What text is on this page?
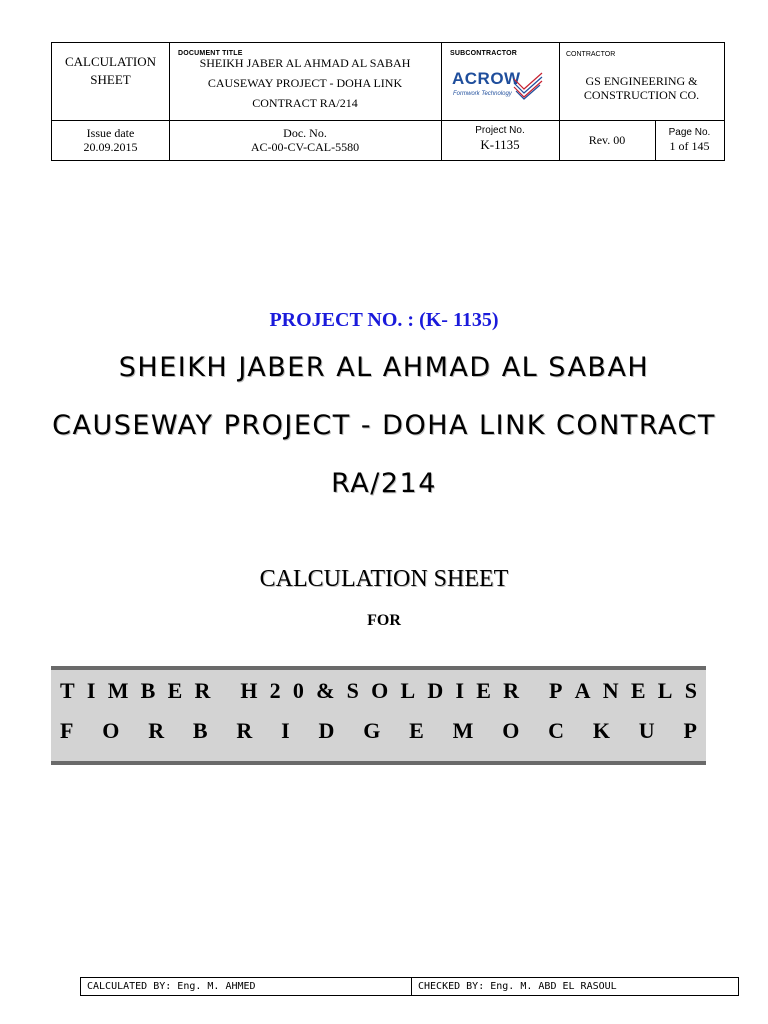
CALCULATION
SHEET
DOCUMENT TITLE
SHEIKH JABER AL AHMAD AL SABAH
CAUSEWAY PROJECT - DOHA LINK
CONTRACT RA/214
SUBCONTRACTOR
ACROW
Formwork Technology
CONTRACTOR
GS ENGINEERING &
CONSTRUCTION CO.
Issue date
20.09.2015
Doc. No.
AC-00-CV-CAL-5580
Project No.
K-1135	Rev. 00
Page No.
1 of 145
PROJECT NO. : (K- 1135)
SHEIKH JABER AL AHMAD AL SABAH
CAUSEWAY PROJECT - DOHA LINK CONTRACT
RA/214
CALCULATION SHEET
FOR
T I M B E R
H 2 0 & S O L D I E R
P A N E L S
F O R B R I D G E M O C K U P
CALCULATED BY: Eng. M. AHMED	CHECKED BY: Eng. M. ABD EL RASOUL
